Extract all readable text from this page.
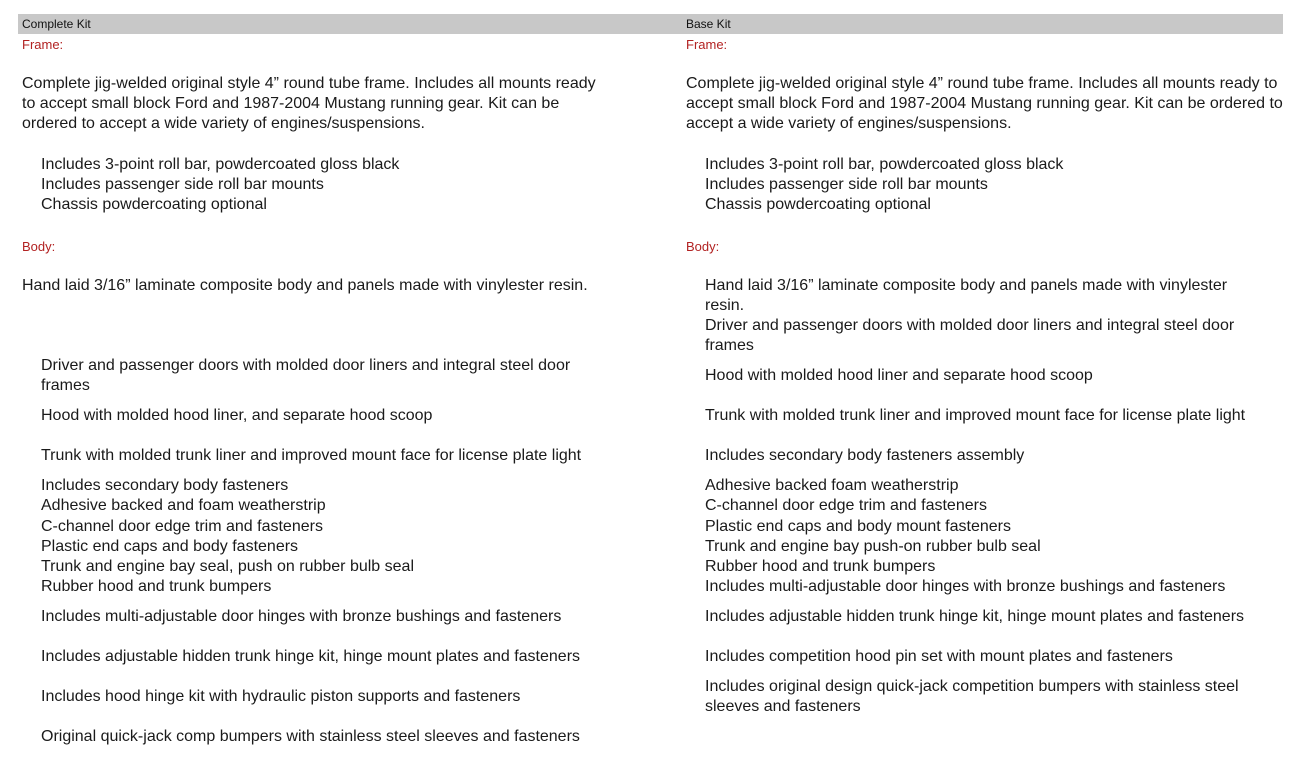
Complete Kit	Base Kit
Frame:
Complete jig-welded original style 4” round tube frame. Includes all mounts ready to accept small block Ford and 1987-2004 Mustang running gear. Kit can be ordered to accept a wide variety of engines/suspensions.
Includes 3-point roll bar, powdercoated gloss black
Includes passenger side roll bar mounts
Chassis powdercoating optional
Body:
Hand laid 3/16” laminate composite body and panels made with vinylester resin.
Driver and passenger doors with molded door liners and integral steel door frames
Hood with molded hood liner, and separate hood scoop
Trunk with molded trunk liner and improved mount face for license plate light
Includes secondary body fasteners
Adhesive backed and foam weatherstrip
C-channel door edge trim and fasteners
Plastic end caps and body fasteners
Trunk and engine bay seal, push on rubber bulb seal
Rubber hood and trunk bumpers
Includes multi-adjustable door hinges with bronze bushings and fasteners
Includes adjustable hidden trunk hinge kit, hinge mount plates and fasteners
Includes hood hinge kit with hydraulic piston supports and fasteners
Original quick-jack comp bumpers with stainless steel sleeves and fasteners
Frame:
Complete jig-welded original style 4” round tube frame. Includes all mounts ready to accept small block Ford and 1987-2004 Mustang running gear. Kit can be ordered to accept a wide variety of engines/suspensions.
Includes 3-point roll bar, powdercoated gloss black
Includes passenger side roll bar mounts
Chassis powdercoating optional
Body:
Hand laid 3/16” laminate composite body and panels made with vinylester resin.
Driver and passenger doors with molded door liners and integral steel door frames
Hood with molded hood liner and separate hood scoop
Trunk with molded trunk liner and improved mount face for license plate light
Includes secondary body fasteners assembly
Adhesive backed foam weatherstrip
C-channel door edge trim and fasteners
Plastic end caps and body mount fasteners
Trunk and engine bay push-on rubber bulb seal
Rubber hood and trunk bumpers
Includes multi-adjustable door hinges with bronze bushings and fasteners
Includes adjustable hidden trunk hinge kit, hinge mount plates and fasteners
Includes competition hood pin set with mount plates and fasteners
Includes original design quick-jack competition bumpers with stainless steel sleeves and fasteners
